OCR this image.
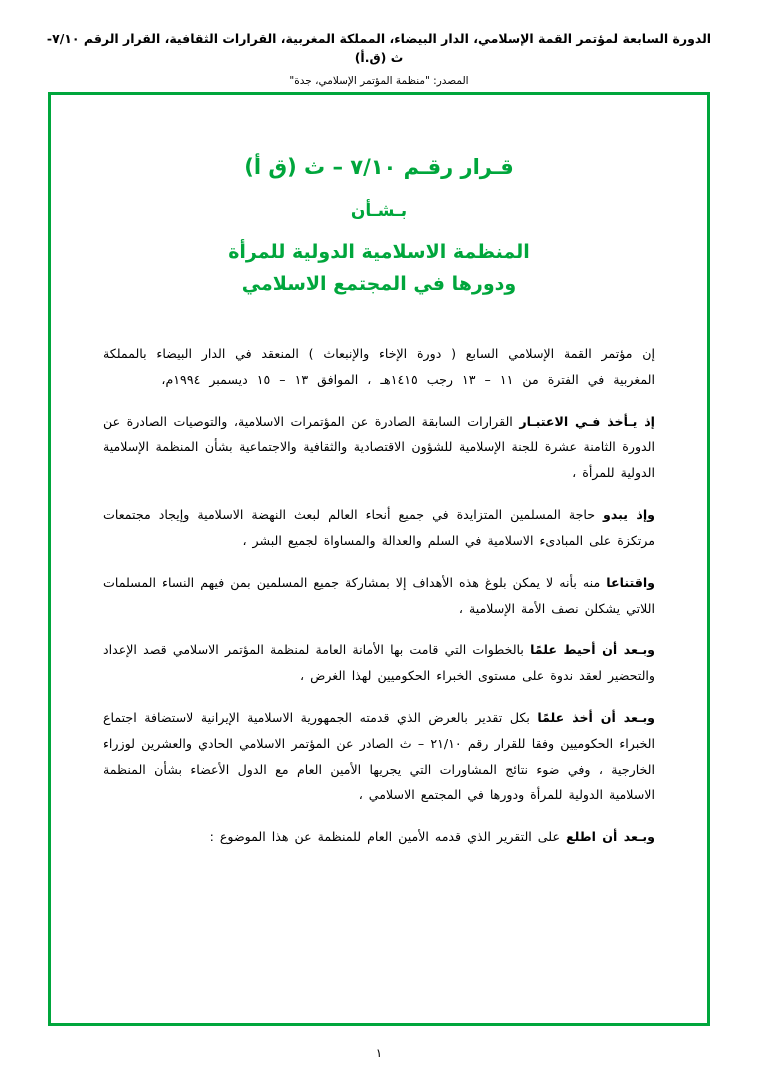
الدورة السابعة لمؤتمر القمة الإسلامي، الدار البيضاء، المملكة المغربية، القرارات الثقافية، القرار الرقم ٧/١٠-ث (ق.أ)
المصدر: "منظمة المؤتمر الإسلامي، جدة"
قـرار رقـم ٧/١٠ – ث (ق أ)
بـشـأن
المنظمة الاسلامية الدولية للمرأة
ودورها في المجتمع الاسلامي

إن مؤتمر القمة الإسلامي السابع ( دورة الإخاء والإنبعاث ) المنعقد في الدار البيضاء بالمملكة المغربية في الفترة من ١١ – ١٣ رجب ١٤١٥هـ ، الموافق ١٣ – ١٥ ديسمبر ١٩٩٤م،

إذ يـأخذ فـي الاعتبـار القرارات السابقة الصادرة عن المؤتمرات الاسلامية، والتوصيات الصادرة عن الدورة الثامنة عشرة للجنة الإسلامية للشؤون الاقتصادية والثقافية والاجتماعية بشأن المنظمة الإسلامية الدولية للمرأة ،

وإذ يبدو حاجة المسلمين المتزايدة في جميع أنحاء العالم لبعث النهضة الاسلامية وإيجاد مجتمعات مرتكزة على المبادىء الاسلامية في السلم والعدالة والمساواة لجميع البشر ،

واقتناعا منه بأنه لا يمكن بلوغ هذه الأهداف إلا بمشاركة جميع المسلمين بمن فيهم النساء المسلمات اللاتي يشكلن نصف الأمة الإسلامية ،

وبـعد أن أحيط علمًا بالخطوات التي قامت بها الأمانة العامة لمنظمة المؤتمر الاسلامي قصد الإعداد والتحضير لعقد ندوة على مستوى الخبراء الحكوميين لهذا الغرض ،

وبـعد أن أخذ علمًا بكل تقدير بالعرض الذي قدمته الجمهورية الاسلامية الإيرانية لاستضافة اجتماع الخبراء الحكوميين وفقا للقرار رقم ٢١/١٠ – ث الصادر عن المؤتمر الاسلامي الحادي والعشرين لوزراء الخارجية ، وفي ضوء نتائج المشاورات التي يجريها الأمين العام مع الدول الأعضاء بشأن المنظمة الاسلامية الدولية للمرأة ودورها في المجتمع الاسلامي ،

وبـعد أن اطلع على التقرير الذي قدمه الأمين العام للمنظمة عن هذا الموضوع :

١
